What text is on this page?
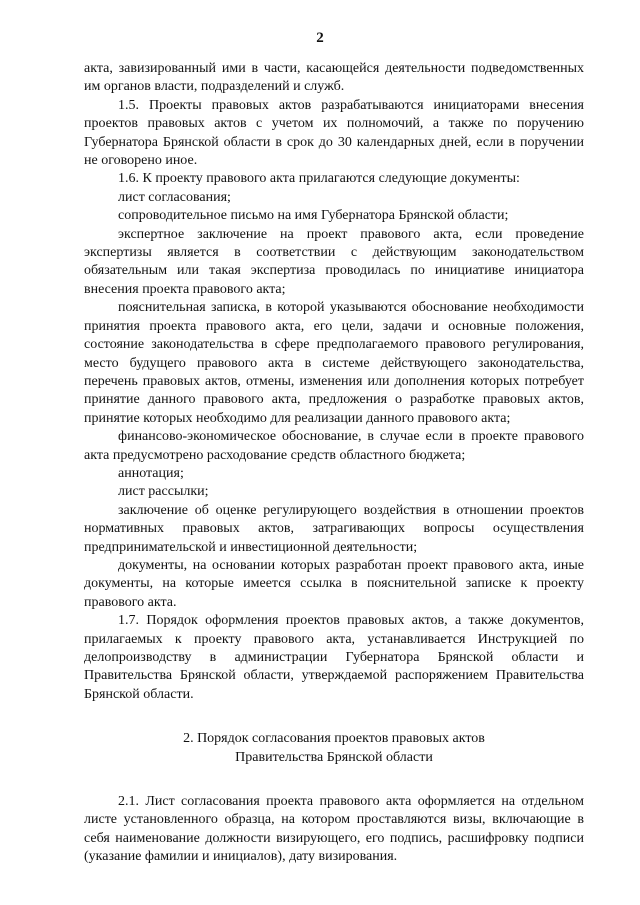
2

акта, завизированный ими в части, касающейся деятельности подведомственных им органов власти, подразделений и служб.

1.5. Проекты правовых актов разрабатываются инициаторами внесения проектов правовых актов с учетом их полномочий, а также по поручению Губернатора Брянской области в срок до 30 календарных дней, если в поручении не оговорено иное.

1.6. К проекту правового акта прилагаются следующие документы:

лист согласования;

сопроводительное письмо на имя Губернатора Брянской области;

экспертное заключение на проект правового акта, если проведение экспертизы является в соответствии с действующим законодательством обязательным или такая экспертиза проводилась по инициативе инициатора внесения проекта правового акта;

пояснительная записка, в которой указываются обоснование необходимости принятия проекта правового акта, его цели, задачи и основные положения, состояние законодательства в сфере предполагаемого правового регулирования, место будущего правового акта в системе действующего законодательства, перечень правовых актов, отмены, изменения или дополнения которых потребует принятие данного правового акта, предложения о разработке правовых актов, принятие которых необходимо для реализации данного правового акта;

финансово-экономическое обоснование, в случае если в проекте правового акта предусмотрено расходование средств областного бюджета;

аннотация;

лист рассылки;

заключение об оценке регулирующего воздействия в отношении проектов нормативных правовых актов, затрагивающих вопросы осуществления предпринимательской и инвестиционной деятельности;

документы, на основании которых разработан проект правового акта, иные документы, на которые имеется ссылка в пояснительной записке к проекту правового акта.

1.7. Порядок оформления проектов правовых актов, а также документов, прилагаемых к проекту правового акта, устанавливается Инструкцией по делопроизводству в администрации Губернатора Брянской области и Правительства Брянской области, утверждаемой распоряжением Правительства Брянской области.

2. Порядок согласования проектов правовых актов
Правительства Брянской области

2.1. Лист согласования проекта правового акта оформляется на отдельном листе установленного образца, на котором проставляются визы, включающие в себя наименование должности визирующего, его подпись, расшифровку подписи (указание фамилии и инициалов), дату визирования.
